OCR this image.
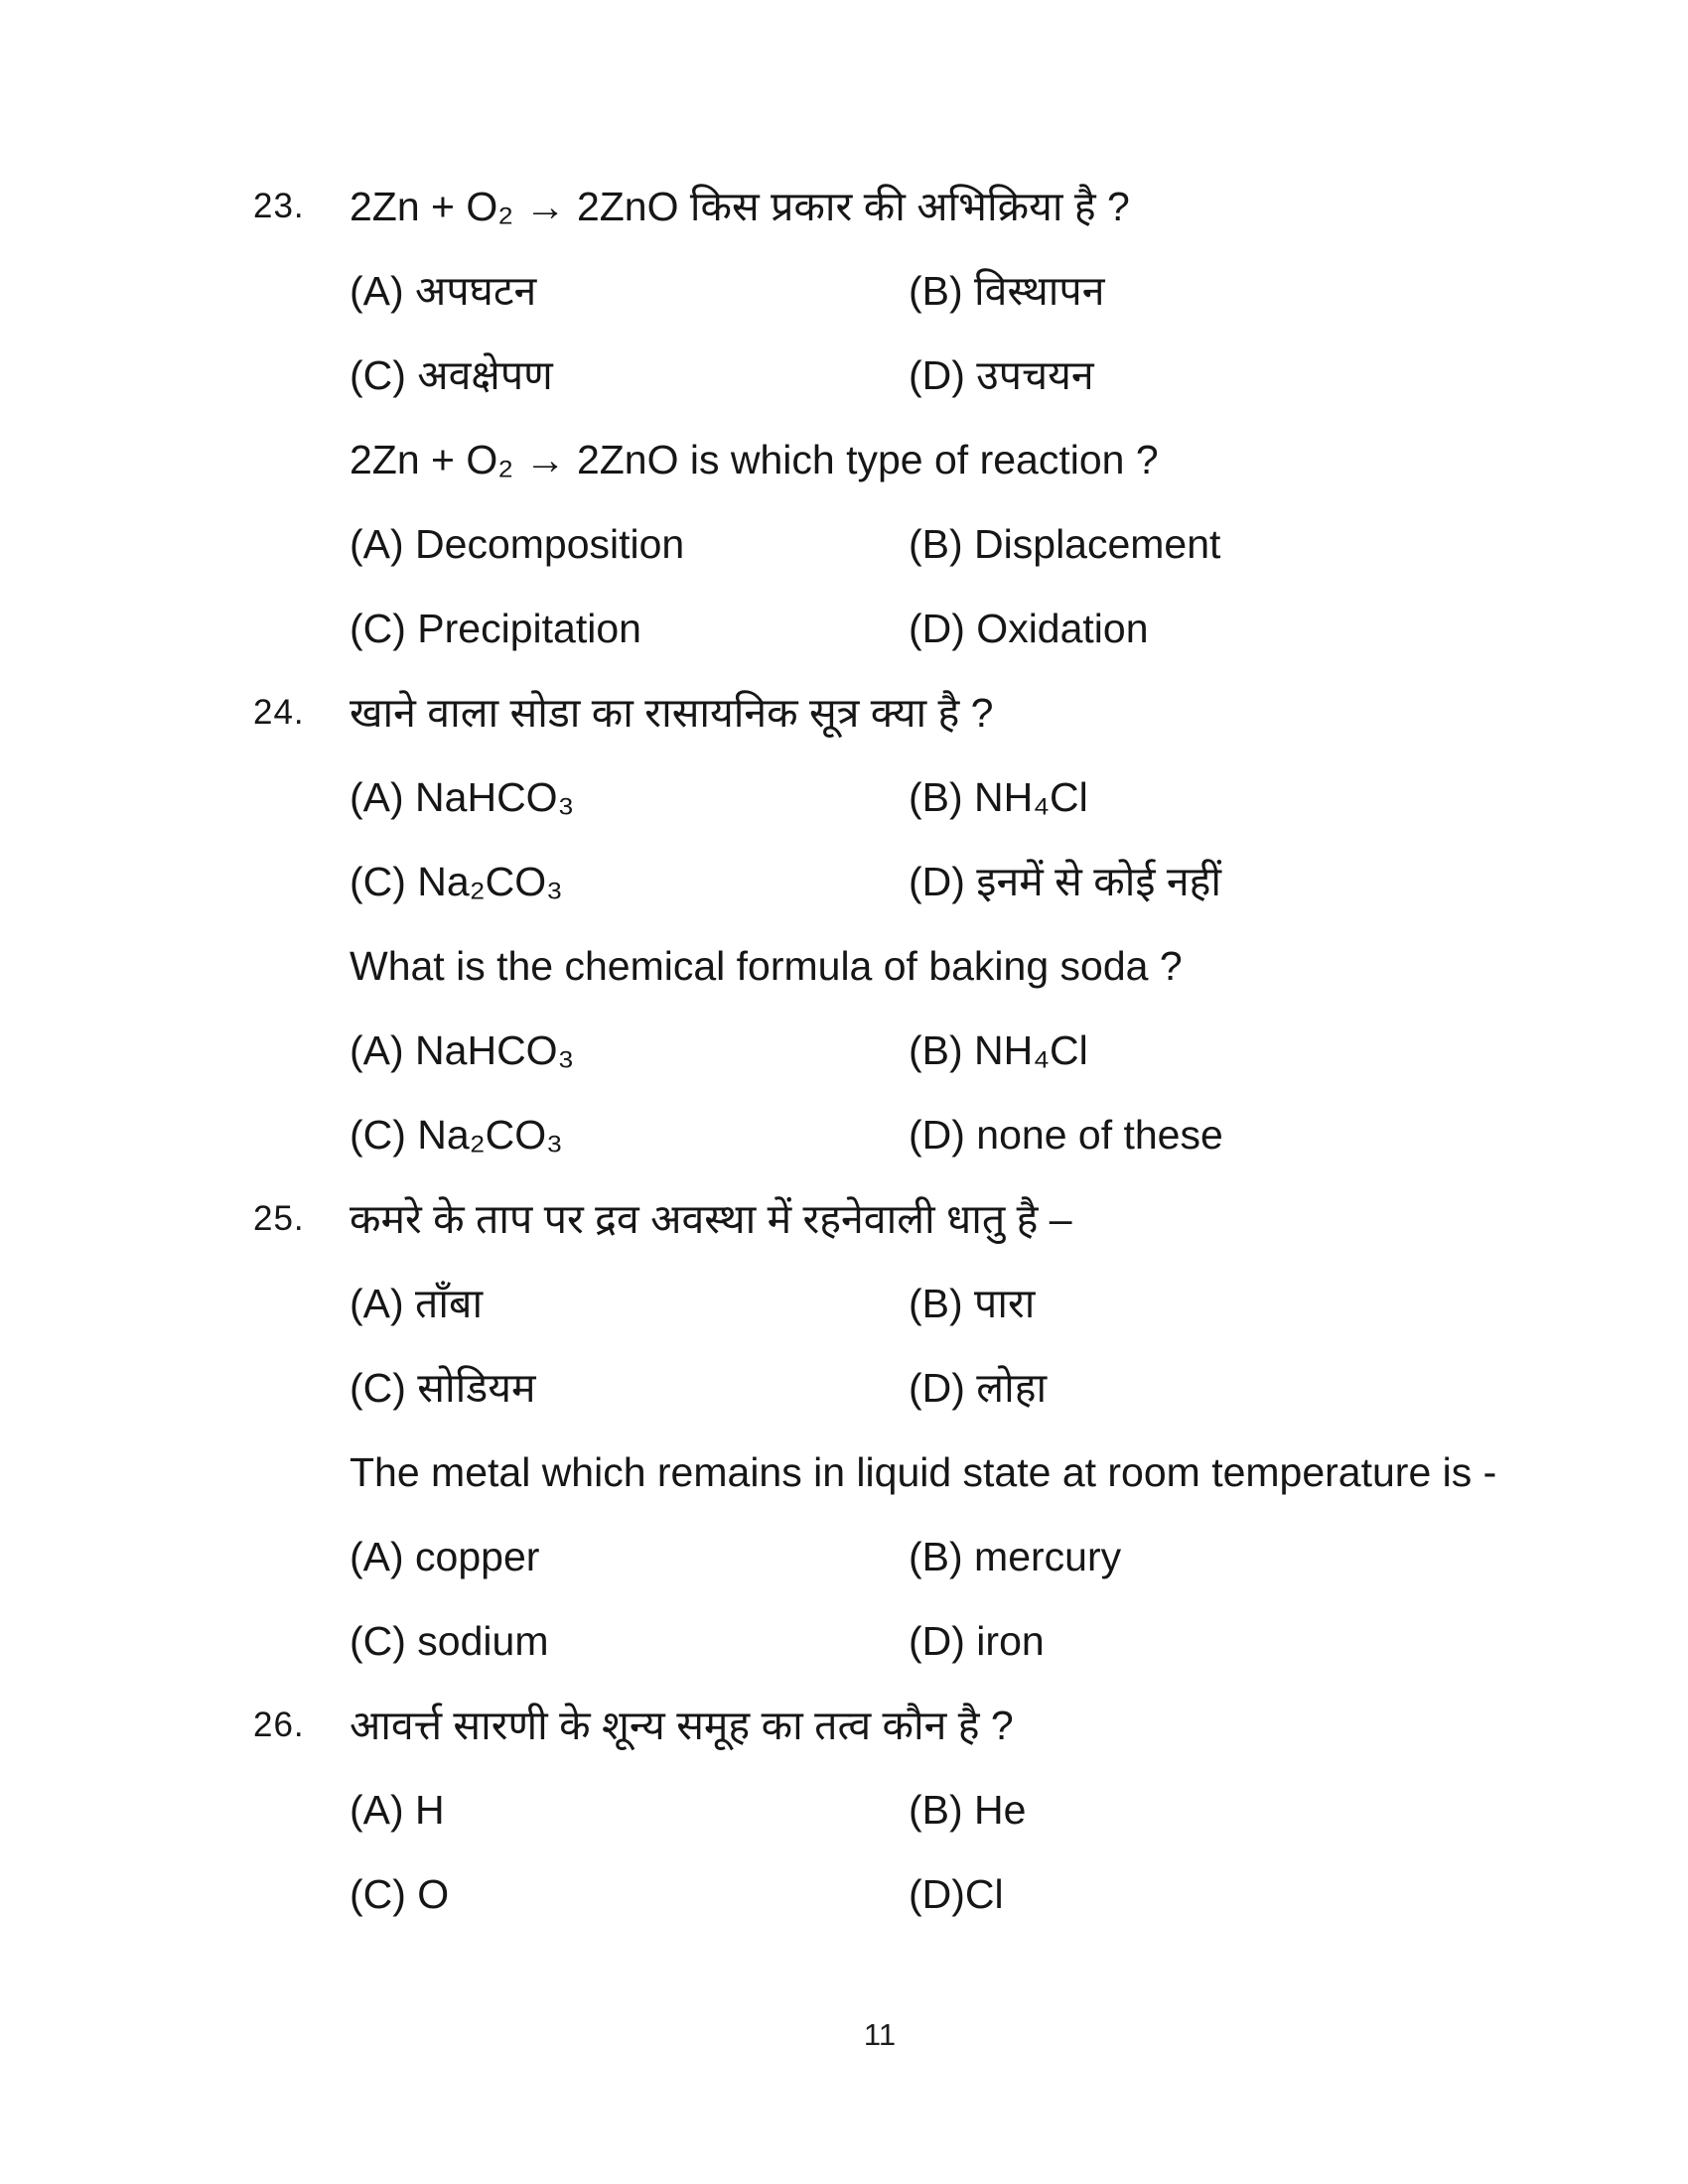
23. 2Zn + O₂ → 2ZnO किस प्रकार की अभिक्रिया है ?
(A) अपघटन	(B) विस्थापन
(C) अवक्षेपण	(D) उपचयन
2Zn + O₂ → 2ZnO is which type of reaction ?
(A) Decomposition	(B) Displacement
(C) Precipitation	(D) Oxidation
24. खाने वाला सोडा का रासायनिक सूत्र क्या है ?
(A) NaHCO₃	(B) NH₄Cl
(C) Na₂CO₃	(D) इनमें से कोई नहीं
What is the chemical formula of baking soda ?
(A) NaHCO₃	(B) NH₄Cl
(C) Na₂CO₃	(D) none of these
25. कमरे के ताप पर द्रव अवस्था में रहनेवाली धातु है –
(A) ताँबा	(B) पारा
(C) सोडियम	(D) लोहा
The metal which remains in liquid state at room temperature is -
(A) copper	(B) mercury
(C) sodium	(D) iron
26. आवर्त्त सारणी के शून्य समूह का तत्व कौन है ?
(A) H	(B) He
(C) O	(D)Cl
11
